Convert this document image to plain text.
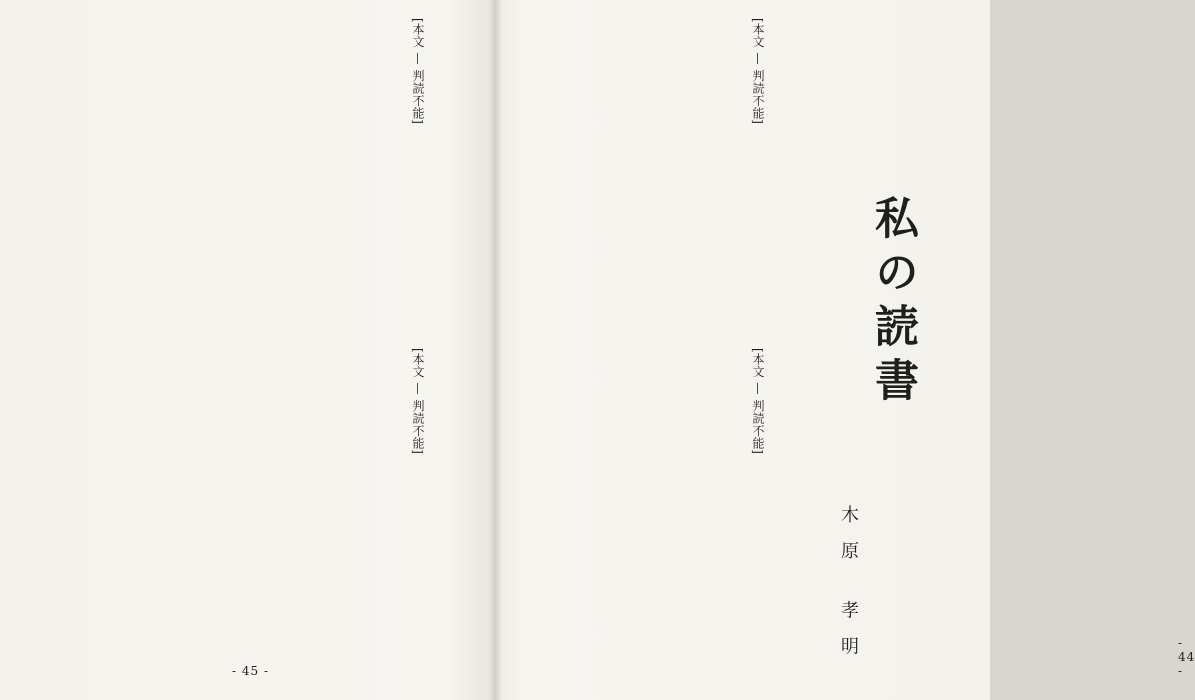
[本文 — 判読不能]

[本文 — 判読不能]

- 45 -

[本文 — 判読不能]

[本文 — 判読不能]

- 44 -
私の読書
木原 孝明
